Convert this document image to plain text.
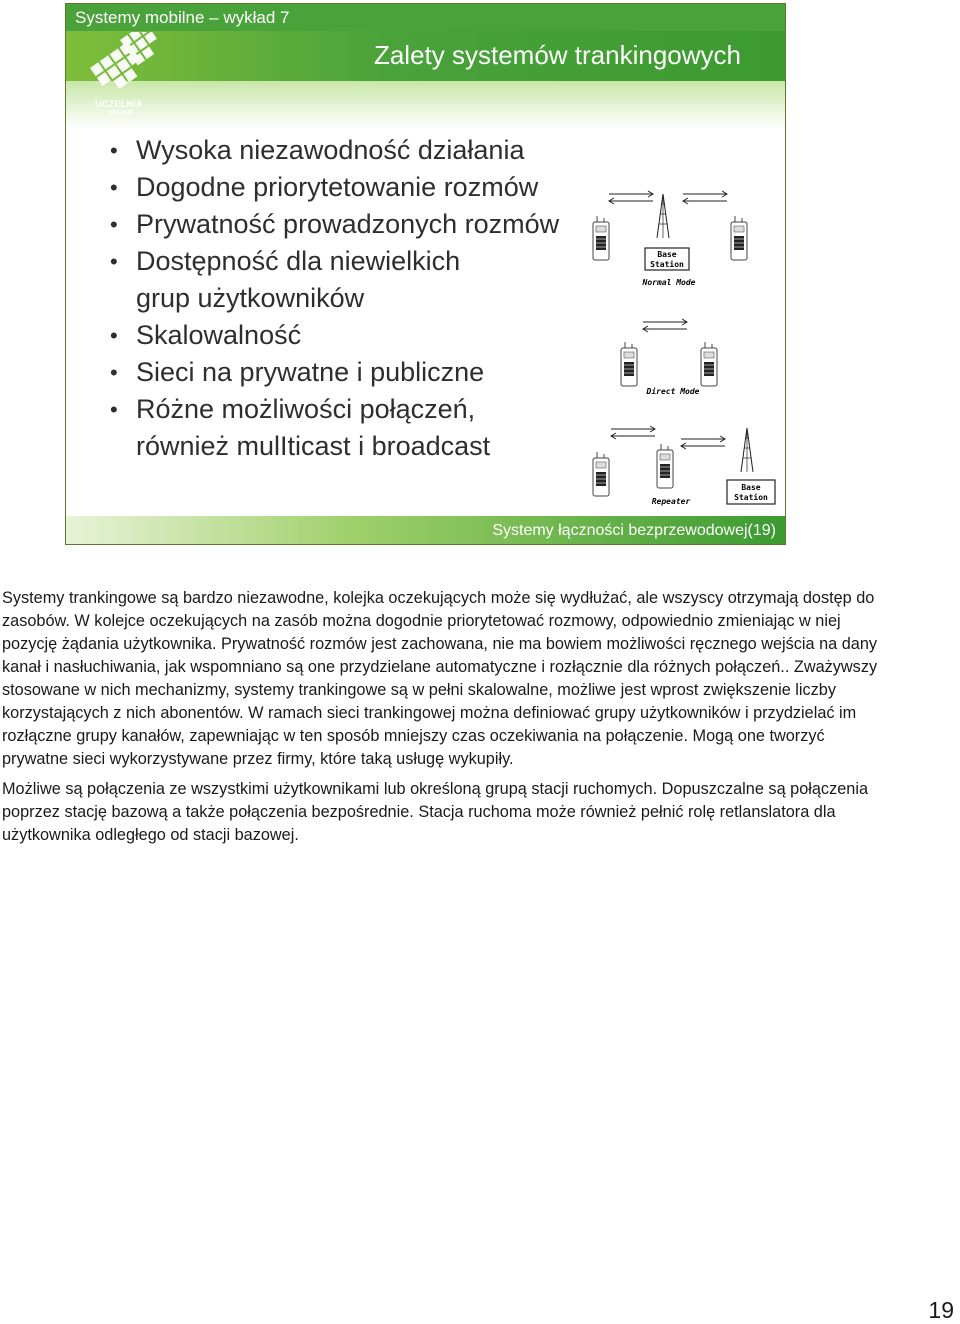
Systemy mobilne – wykład 7
Zalety systemów trankingowych
UCZELNIA
ONLINE
• Wysoka niezawodność działania
• Dogodne priorytetowanie rozmów
• Prywatność prowadzonych rozmów
• Dostępność dla niewielkich
grup użytkowników
• Skalowalność
• Sieci na prywatne i publiczne
• Różne możliwości połączeń,
również mulIticast i broadcast
Base
Station
Normal Mode
Direct Mode
Base
Station
Repeater
Systemy łączności bezprzewodowej(19)

Systemy trankingowe są bardzo niezawodne, kolejka oczekujących może się wydłużać, ale wszyscy otrzymają dostęp do zasobów. W kolejce oczekujących na zasób można dogodnie priorytetować rozmowy, odpowiednio zmieniając w niej pozycję żądania użytkownika. Prywatność rozmów jest zachowana, nie ma bowiem możliwości ręcznego wejścia na dany kanał i nasłuchiwania, jak wspomniano są one przydzielane automatyczne i rozłącznie dla różnych połączeń.. Zważywszy stosowane w nich mechanizmy, systemy trankingowe są w pełni skalowalne, możliwe jest wprost zwiększenie liczby korzystających z nich abonentów. W ramach sieci trankingowej można definiować grupy użytkowników i przydzielać im rozłączne grupy kanałów, zapewniając w ten sposób mniejszy czas oczekiwania na połączenie. Mogą one tworzyć prywatne sieci wykorzystywane przez firmy, które taką usługę wykupiły.

Możliwe są połączenia ze wszystkimi użytkownikami lub określoną grupą stacji ruchomych. Dopuszczalne są połączenia poprzez stację bazową a także połączenia bezpośrednie. Stacja ruchoma może również pełnić rolę retlanslatora dla użytkownika odległego od stacji bazowej.

19
